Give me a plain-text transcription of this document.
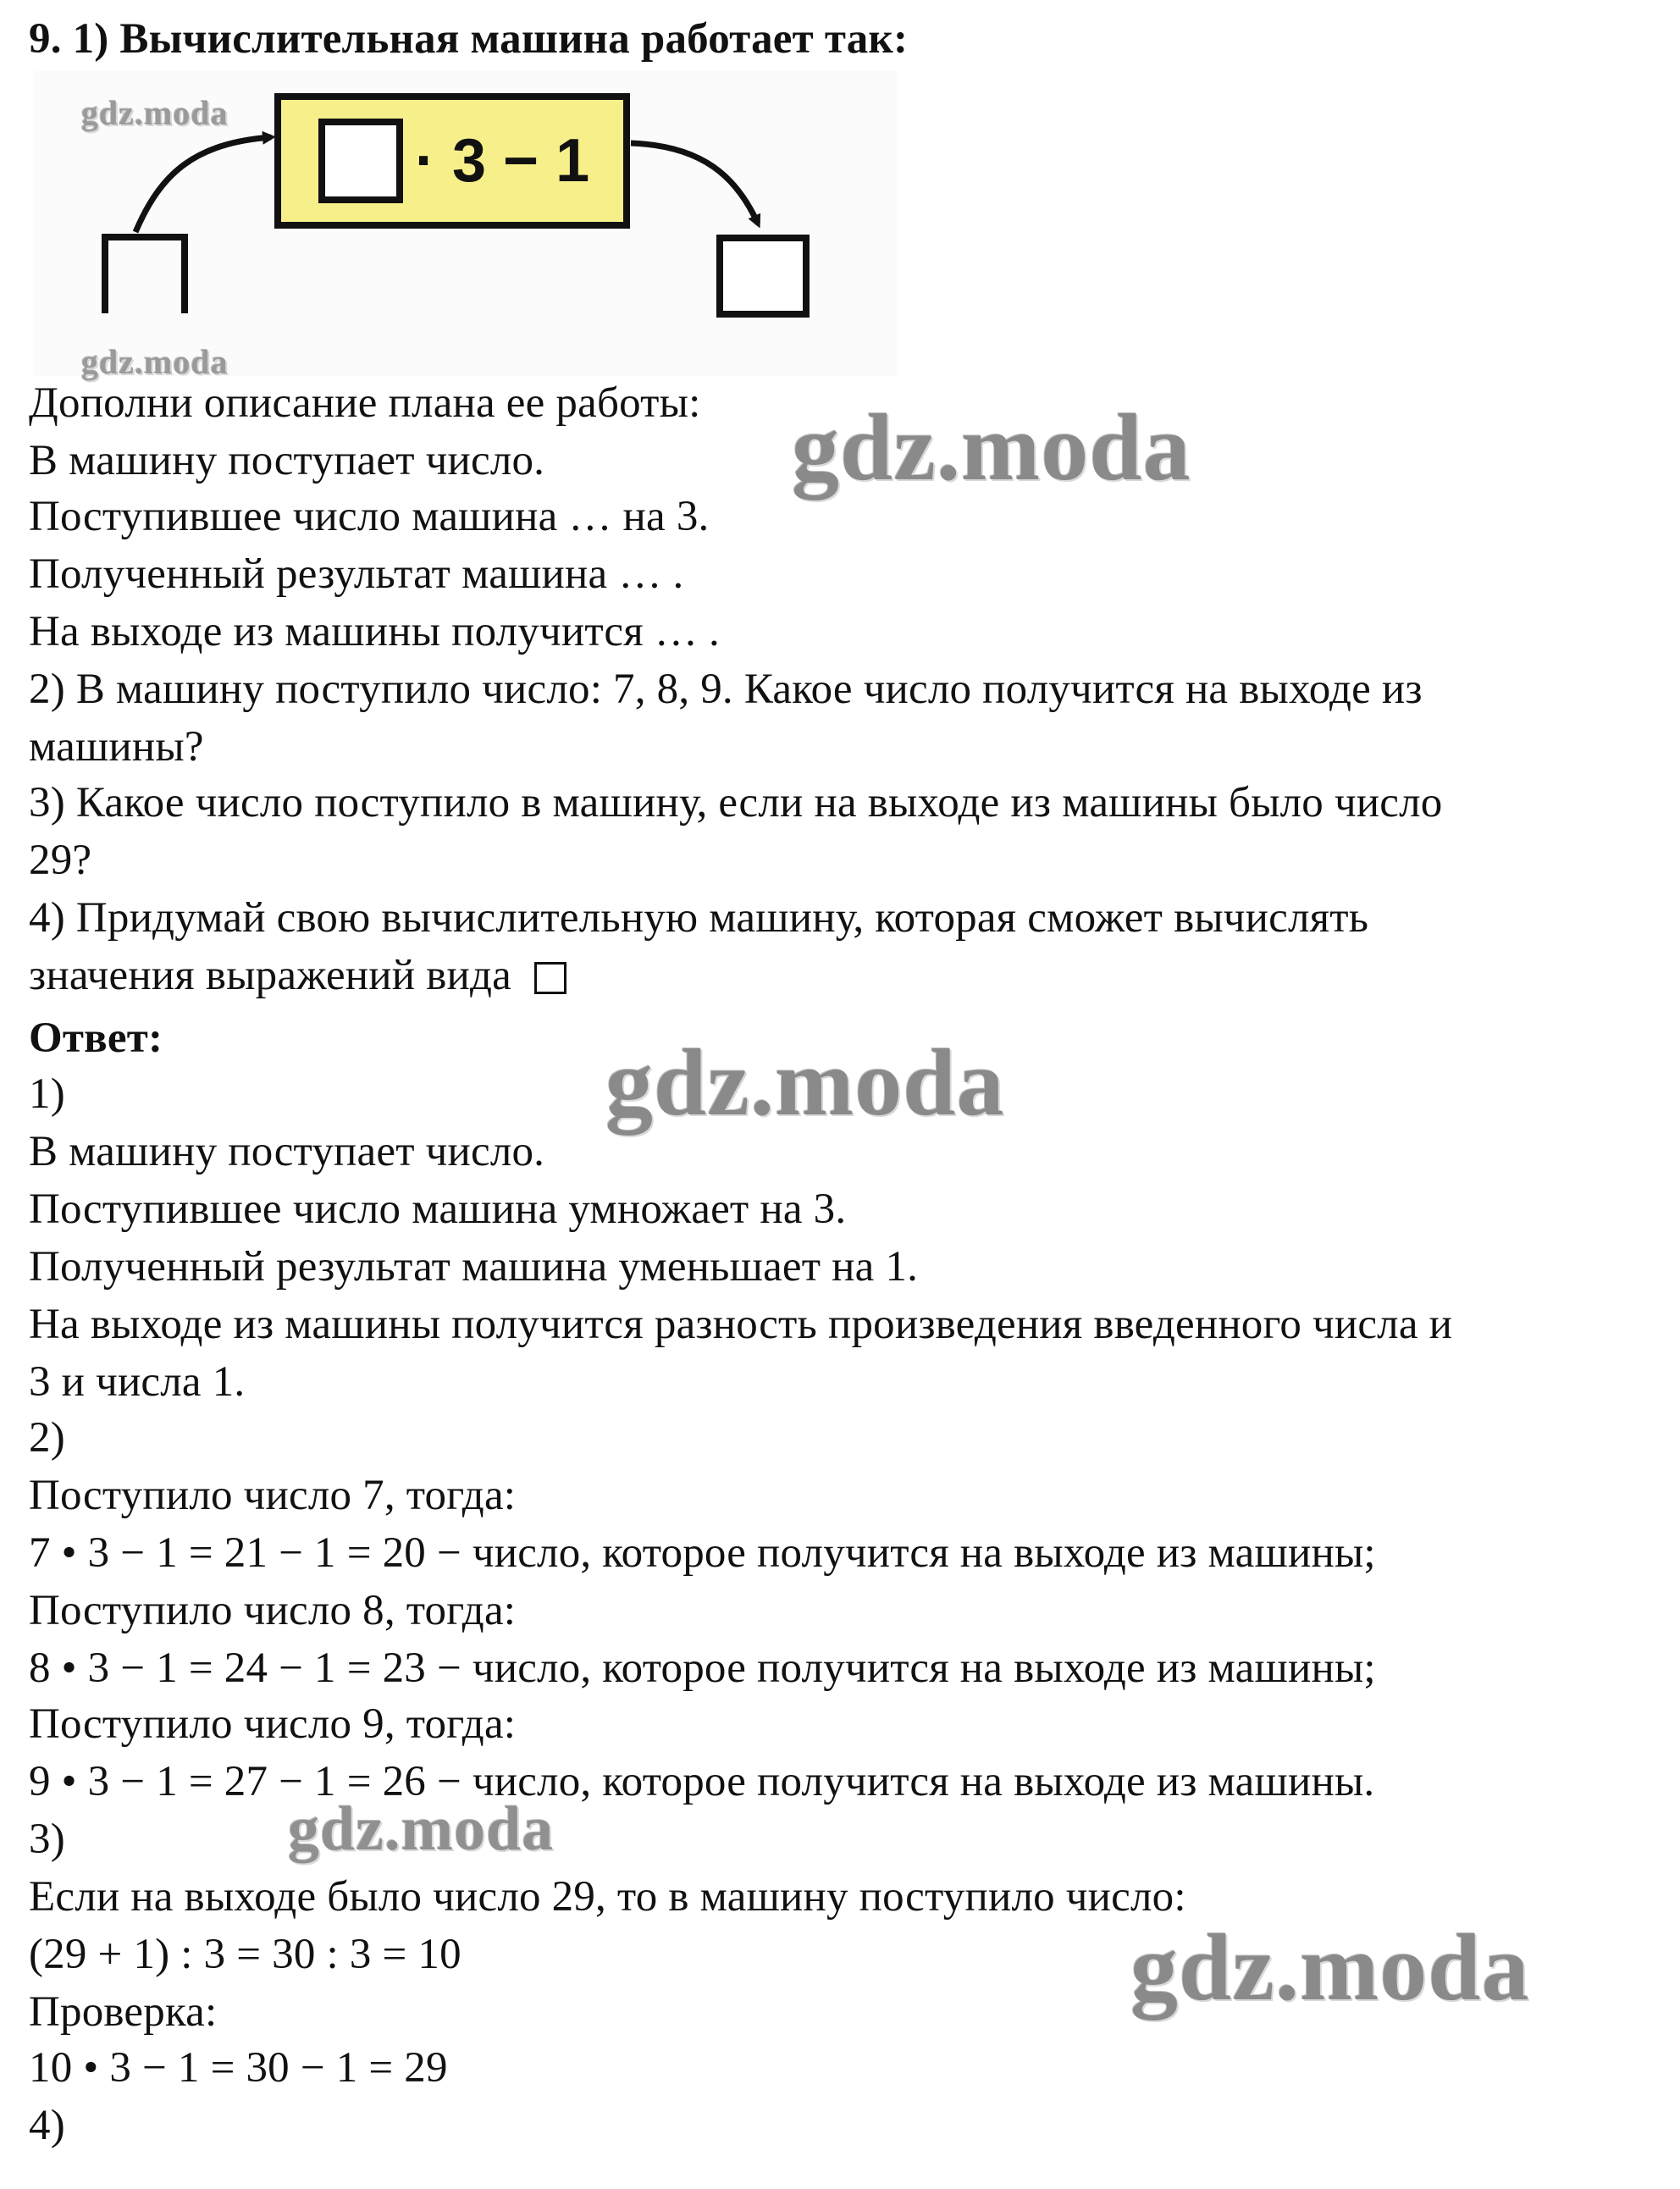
9. 1) Вычислительная машина работает так:
· 3 − 1
gdz.moda
gdz.moda
Дополни описание плана ее работы:
В машину поступает число.
Поступившее число машина … на 3.
Полученный результат машина … .
На выходе из машины получится … .
2) В машину поступило число: 7, 8, 9. Какое число получится на выходе из
машины?
3) Какое число поступило в машину, если на выходе из машины было число
29?
4) Придумай свою вычислительную машину, которая сможет вычислять
значения выражений вида
Ответ:
1)
В машину поступает число.
Поступившее число машина умножает на 3.
Полученный результат машина уменьшает на 1.
На выходе из машины получится разность произведения введенного числа и
3 и числа 1.
2)
Поступило число 7, тогда:
7 • 3 − 1 = 21 − 1 = 20 − число, которое получится на выходе из машины;
Поступило число 8, тогда:
8 • 3 − 1 = 24 − 1 = 23 − число, которое получится на выходе из машины;
Поступило число 9, тогда:
9 • 3 − 1 = 27 − 1 = 26 − число, которое получится на выходе из машины.
3)
Если на выходе было число 29, то в машину поступило число:
(29 + 1) : 3 = 30 : 3 = 10
Проверка:
10 • 3 − 1 = 30 − 1 = 29
4)
gdz.moda
gdz.moda
gdz.moda
gdz.moda
